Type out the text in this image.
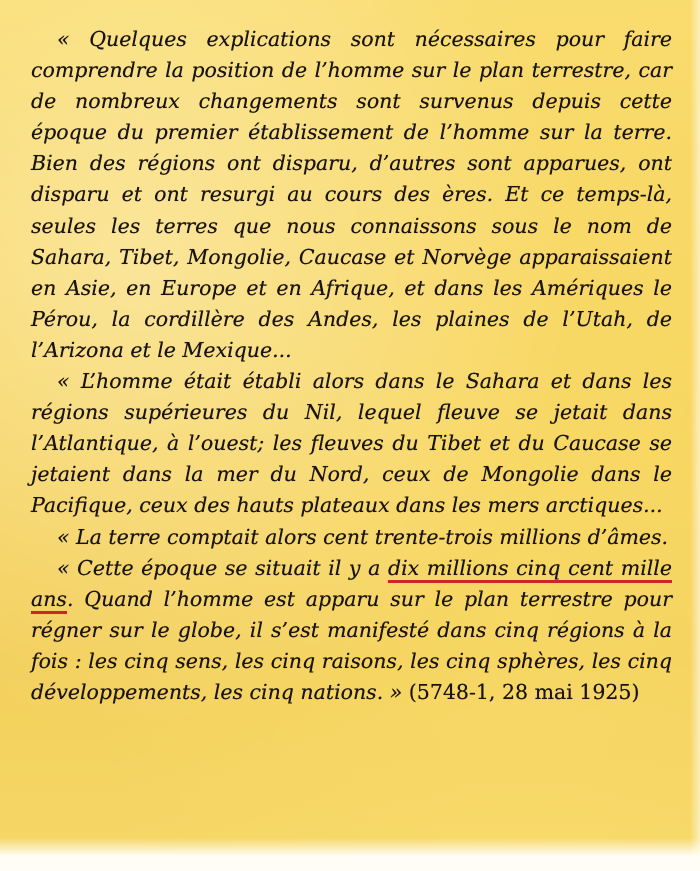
« Quelques explications sont nécessaires pour faire comprendre la position de l’homme sur le plan terrestre, car de nombreux changements sont survenus depuis cette époque du premier établissement de l’homme sur la terre. Bien des régions ont disparu, d’autres sont apparues, ont disparu et ont resurgi au cours des ères. Et ce temps-là, seules les terres que nous connaissons sous le nom de Sahara, Tibet, Mongolie, Caucase et Norvège apparaissaient en Asie, en Europe et en Afrique, et dans les Amériques le Pérou, la cordillère des Andes, les plaines de l’Utah, de l’Arizona et le Mexique...

« L’homme était établi alors dans le Sahara et dans les régions supérieures du Nil, lequel fleuve se jetait dans l’Atlantique, à l’ouest; les fleuves du Tibet et du Caucase se jetaient dans la mer du Nord, ceux de Mongolie dans le Pacifique, ceux des hauts plateaux dans les mers arctiques...

« La terre comptait alors cent trente-trois millions d’âmes.

« Cette époque se situait il y a dix millions cinq cent mille ans. Quand l’homme est apparu sur le plan terrestre pour régner sur le globe, il s’est manifesté dans cinq régions à la fois : les cinq sens, les cinq raisons, les cinq sphères, les cinq développements, les cinq nations. » (5748-1, 28 mai 1925)
